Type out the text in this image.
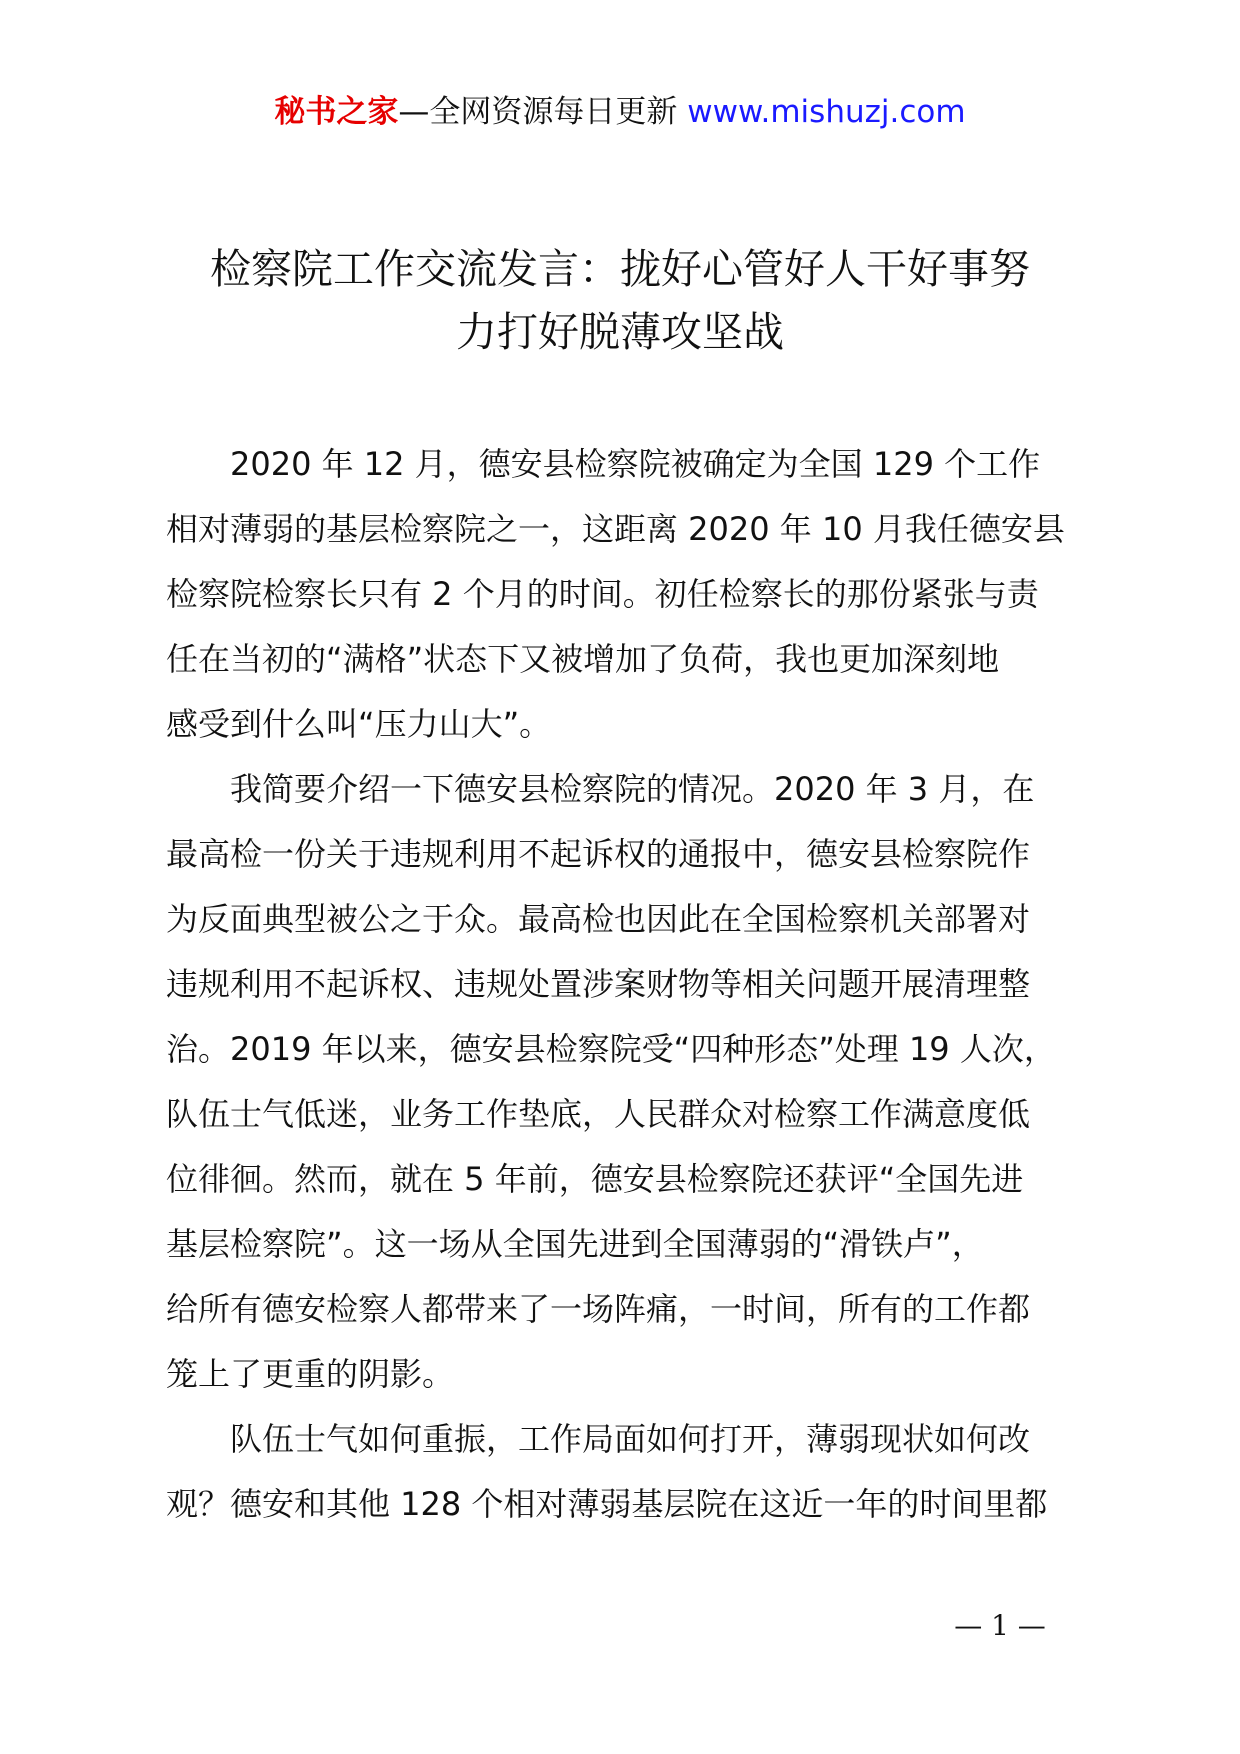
秘书之家—全网资源每日更新 www.mishuzj.com
检察院工作交流发言：拢好心管好人干好事努
力打好脱薄攻坚战

　　2020 年 12 月，德安县检察院被确定为全国 129 个工作
相对薄弱的基层检察院之一，这距离 2020 年 10 月我任德安县
检察院检察长只有 2 个月的时间。初任检察长的那份紧张与责
任在当初的“满格”状态下又被增加了负荷，我也更加深刻地
感受到什么叫“压力山大”。

　　我简要介绍一下德安县检察院的情况。2020 年 3 月，在
最高检一份关于违规利用不起诉权的通报中，德安县检察院作
为反面典型被公之于众。最高检也因此在全国检察机关部署对
违规利用不起诉权、违规处置涉案财物等相关问题开展清理整
治。2019 年以来，德安县检察院受“四种形态”处理 19 人次，
队伍士气低迷，业务工作垫底，人民群众对检察工作满意度低
位徘徊。然而，就在 5 年前，德安县检察院还获评“全国先进
基层检察院”。这一场从全国先进到全国薄弱的“滑铁卢”，
给所有德安检察人都带来了一场阵痛，一时间，所有的工作都
笼上了更重的阴影。

　　队伍士气如何重振，工作局面如何打开，薄弱现状如何改
观？德安和其他 128 个相对薄弱基层院在这近一年的时间里都

— 1 —
